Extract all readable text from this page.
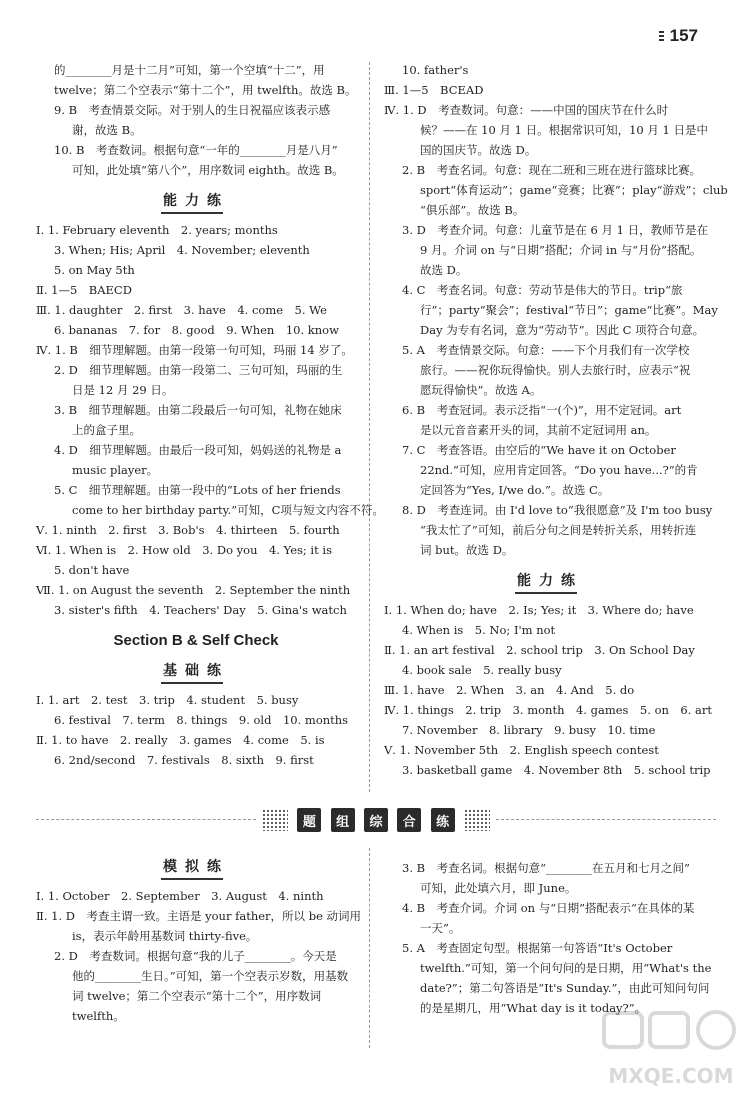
157
的________月是十二月”可知，第一个空填“十二”，用
twelve；第二个空表示“第十二个”，用 twelfth。故选 B。
9. B　考查情景交际。对于别人的生日祝福应该表示感
谢，故选 B。
10. B　考查数词。根据句意“一年的________月是八月”
可知，此处填“第八个”，用序数词 eighth。故选 B。
能力练
Ⅰ. 1. February eleventh　2. years; months
3. When; His; April　4. November; eleventh
5. on May 5th
Ⅱ. 1—5　BAECD
Ⅲ. 1. daughter　2. first　3. have　4. come　5. We
6. bananas　7. for　8. good　9. When　10. know
Ⅳ. 1. B　细节理解题。由第一段第一句可知，玛丽 14 岁了。
2. D　细节理解题。由第一段第二、三句可知，玛丽的生
日是 12 月 29 日。
3. B　细节理解题。由第二段最后一句可知，礼物在她床
上的盒子里。
4. D　细节理解题。由最后一段可知，妈妈送的礼物是 a
music player。
5. C　细节理解题。由第一段中的“Lots of her friends
come to her birthday party.”可知，C项与短文内容不符。
Ⅴ. 1. ninth　2. first　3. Bob's　4. thirteen　5. fourth
Ⅵ. 1. When is　2. How old　3. Do you　4. Yes; it is
5. don't have
Ⅶ. 1. on August the seventh　2. September the ninth
3. sister's fifth　4. Teachers' Day　5. Gina's watch
Section B & Self Check
基础练
Ⅰ. 1. art　2. test　3. trip　4. student　5. busy
6. festival　7. term　8. things　9. old　10. months
Ⅱ. 1. to have　2. really　3. games　4. come　5. is
6. 2nd/second　7. festivals　8. sixth　9. first
10. father's
Ⅲ. 1—5　BCEAD
Ⅳ. 1. D　考查数词。句意：——中国的国庆节在什么时
候？——在 10 月 1 日。根据常识可知，10 月 1 日是中
国的国庆节。故选 D。
2. B　考查名词。句意：现在二班和三班在进行篮球比赛。
sport“体育运动”；game“竞赛；比赛”；play“游戏”；club
“俱乐部”。故选 B。
3. D　考查介词。句意：儿童节是在 6 月 1 日，教师节是在
9 月。介词 on 与“日期”搭配；介词 in 与“月份”搭配。
故选 D。
4. C　考查名词。句意：劳动节是伟大的节日。trip“旅
行”；party“聚会”；festival“节日”；game“比赛”。May
Day 为专有名词，意为“劳动节”。因此 C 项符合句意。
5. A　考查情景交际。句意：——下个月我们有一次学校
旅行。——祝你玩得愉快。别人去旅行时，应表示“祝
愿玩得愉快”。故选 A。
6. B　考查冠词。表示泛指“一(个)”，用不定冠词。art
是以元音音素开头的词，其前不定冠词用 an。
7. C　考查答语。由空后的“We have it on October
22nd.”可知，应用肯定回答。“Do you have...?”的肯
定回答为“Yes, I/we do.”。故选 C。
8. D　考查连词。由 I'd love to“我很愿意”及 I'm too busy
“我太忙了”可知，前后分句之间是转折关系，用转折连
词 but。故选 D。
能力练
Ⅰ. 1. When do; have　2. Is; Yes; it　3. Where do; have
4. When is　5. No; I'm not
Ⅱ. 1. an art festival　2. school trip　3. On School Day
4. book sale　5. really busy
Ⅲ. 1. have　2. When　3. an　4. And　5. do
Ⅳ. 1. things　2. trip　3. month　4. games　5. on　6. art
7. November　8. library　9. busy　10. time
Ⅴ. 1. November 5th　2. English speech contest
3. basketball game　4. November 8th　5. school trip
题	组	综	合	练
模拟练
Ⅰ. 1. October　2. September　3. August　4. ninth
Ⅱ. 1. D　考查主谓一致。主语是 your father，所以 be 动词用
is，表示年龄用基数词 thirty-five。
2. D　考查数词。根据句意“我的儿子________。今天是
他的________生日。”可知，第一个空表示岁数，用基数
词 twelve；第二个空表示“第十二个”，用序数词
twelfth。
3. B　考查名词。根据句意“________在五月和七月之间”
可知，此处填六月，即 June。
4. B　考查介词。介词 on 与“日期”搭配表示“在具体的某
一天”。
5. A　考查固定句型。根据第一句答语“It's October
twelfth.”可知，第一个问句问的是日期，用“What's the
date?”；第二句答语是“It's Sunday.”，由此可知问句问
的是星期几，用“What day is it today?”。
MXQE.COM
